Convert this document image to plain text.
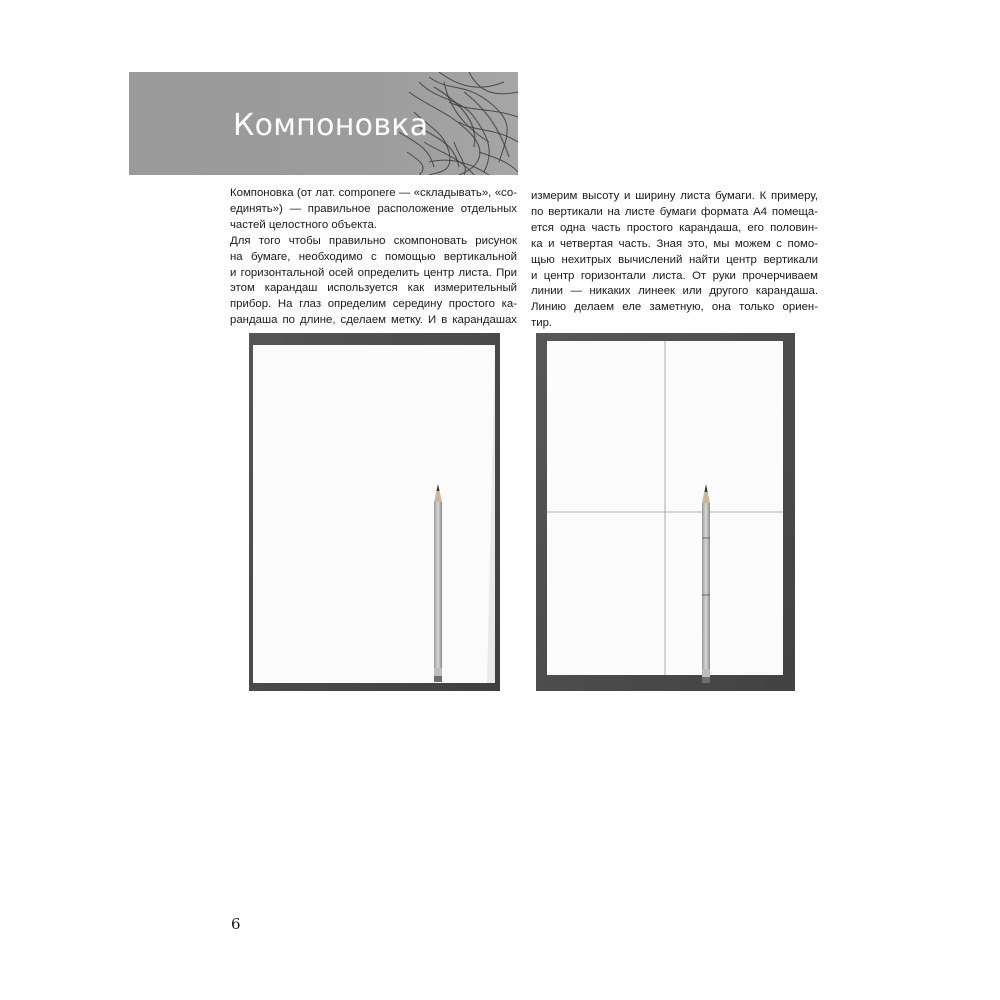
Компоновка
Компоновка (от лат. componere — «складывать», «со-
единять») — правильное расположение отдельных
частей целостного объекта.
Для того чтобы правильно скомпоновать рисунок
на бумаге, необходимо с помощью вертикальной
и горизонтальной осей определить центр листа. При
этом карандаш используется как измерительный
прибор. На глаз определим середину простого ка-
рандаша по длине, сделаем метку. И в карандашах
измерим высоту и ширину листа бумаги. К примеру,
по вертикали на листе бумаги формата А4 помеща-
ется одна часть простого карандаша, его половин-
ка и четвертая часть. Зная это, мы можем с помо-
щью нехитрых вычислений найти центр вертикали
и центр горизонтали листа. От руки прочерчиваем
линии — никаких линеек или другого карандаша.
Линию делаем еле заметную, она только ориен-
тир.
6
